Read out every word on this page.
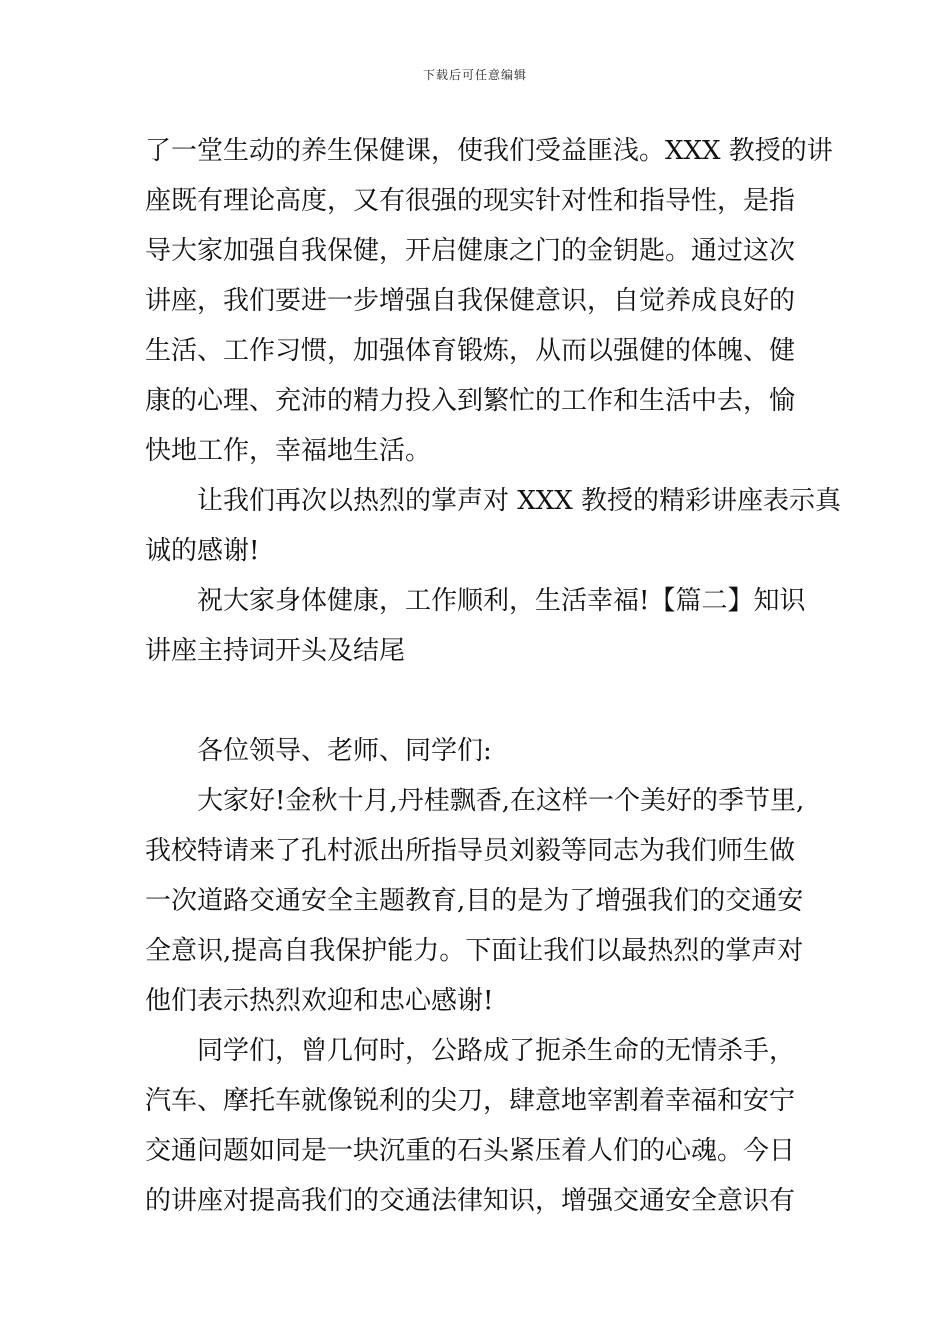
下载后可任意编辑
了一堂生动的养生保健课，使我们受益匪浅。XXX 教授的讲
座既有理论高度，又有很强的现实针对性和指导性，是指
导大家加强自我保健，开启健康之门的金钥匙。通过这次
讲座，我们要进一步增强自我保健意识，自觉养成良好的
生活、工作习惯，加强体育锻炼，从而以强健的体魄、健
康的心理、充沛的精力投入到繁忙的工作和生活中去，愉
快地工作，幸福地生活。
让我们再次以热烈的掌声对 XXX 教授的精彩讲座表示真
诚的感谢!
祝大家身体健康，工作顺利，生活幸福!【篇二】知识
讲座主持词开头及结尾
各位领导、老师、同学们:
大家好!金秋十月,丹桂飘香,在这样一个美好的季节里,
我校特请来了孔村派出所指导员刘毅等同志为我们师生做
一次道路交通安全主题教育,目的是为了增强我们的交通安
全意识,提高自我保护能力。下面让我们以最热烈的掌声对
他们表示热烈欢迎和忠心感谢!
同学们，曾几何时，公路成了扼杀生命的无情杀手，
汽车、摩托车就像锐利的尖刀，肆意地宰割着幸福和安宁
交通问题如同是一块沉重的石头紧压着人们的心魂。今日
的讲座对提高我们的交通法律知识，增强交通安全意识有
